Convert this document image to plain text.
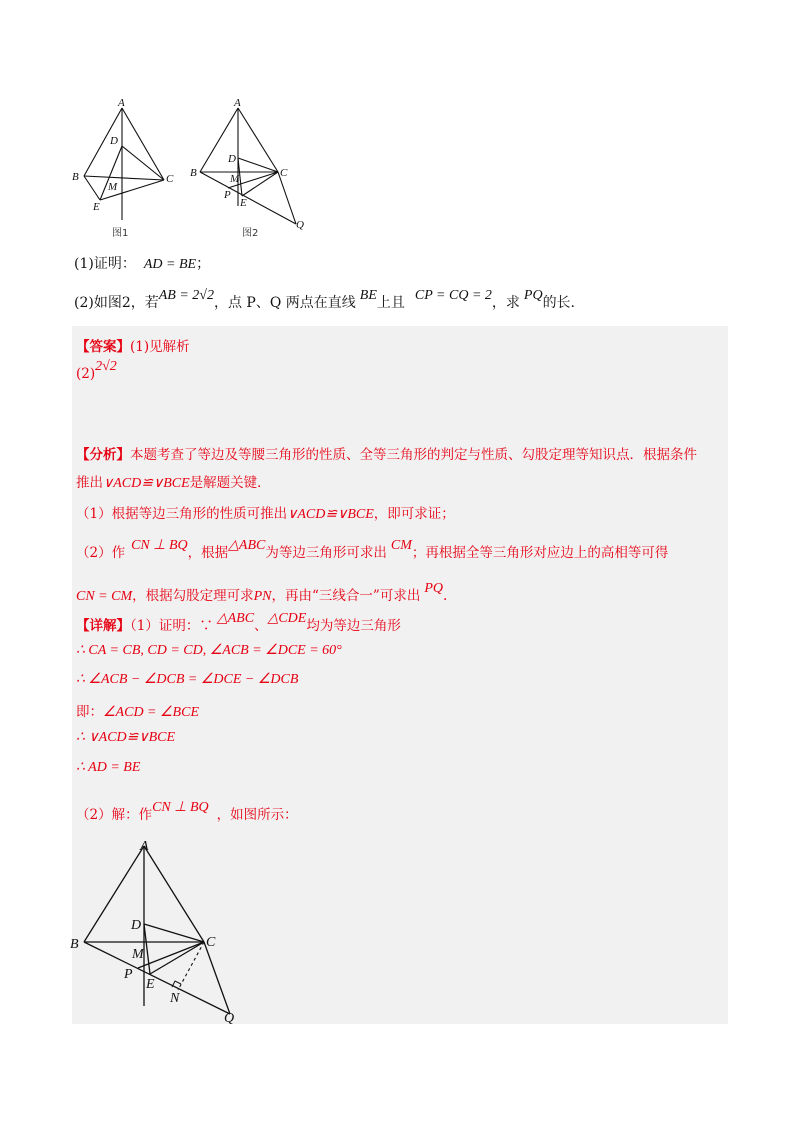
A
D
B	C
M
E
图1
A
D
B	C
M
P
E
Q
图2
(1)证明： AD = BE；
(2)如图2，若AB = 2√2，点 P、Q 两点在直线 BE上且 CP = CQ = 2，求 PQ的长.
【答案】(1)见解析
(2)2√2
【分析】本题考查了等边及等腰三角形的性质、全等三角形的判定与性质、勾股定理等知识点．根据条件
推出∨ACD≌∨BCE是解题关键．
（1）根据等边三角形的性质可推出∨ACD≌∨BCE，即可求证；
（2）作 CN ⊥ BQ，根据△ABC为等边三角形可求出 CM；再根据全等三角形对应边上的高相等可得
CN = CM，根据勾股定理可求PN，再由“三线合一”可求出 PQ.
【详解】（1）证明：∵ △ABC、△CDE均为等边三角形
∴ CA = CB, CD = CD, ∠ACB = ∠DCE = 60°
∴ ∠ACB − ∠DCB = ∠DCE − ∠DCB
即：∠ACD = ∠BCE
∴ ∨ACD≌∨BCE
∴ AD = BE
（2）解：作CN ⊥ BQ ，如图所示：
A
D
B	C
M
P
E
N
Q
